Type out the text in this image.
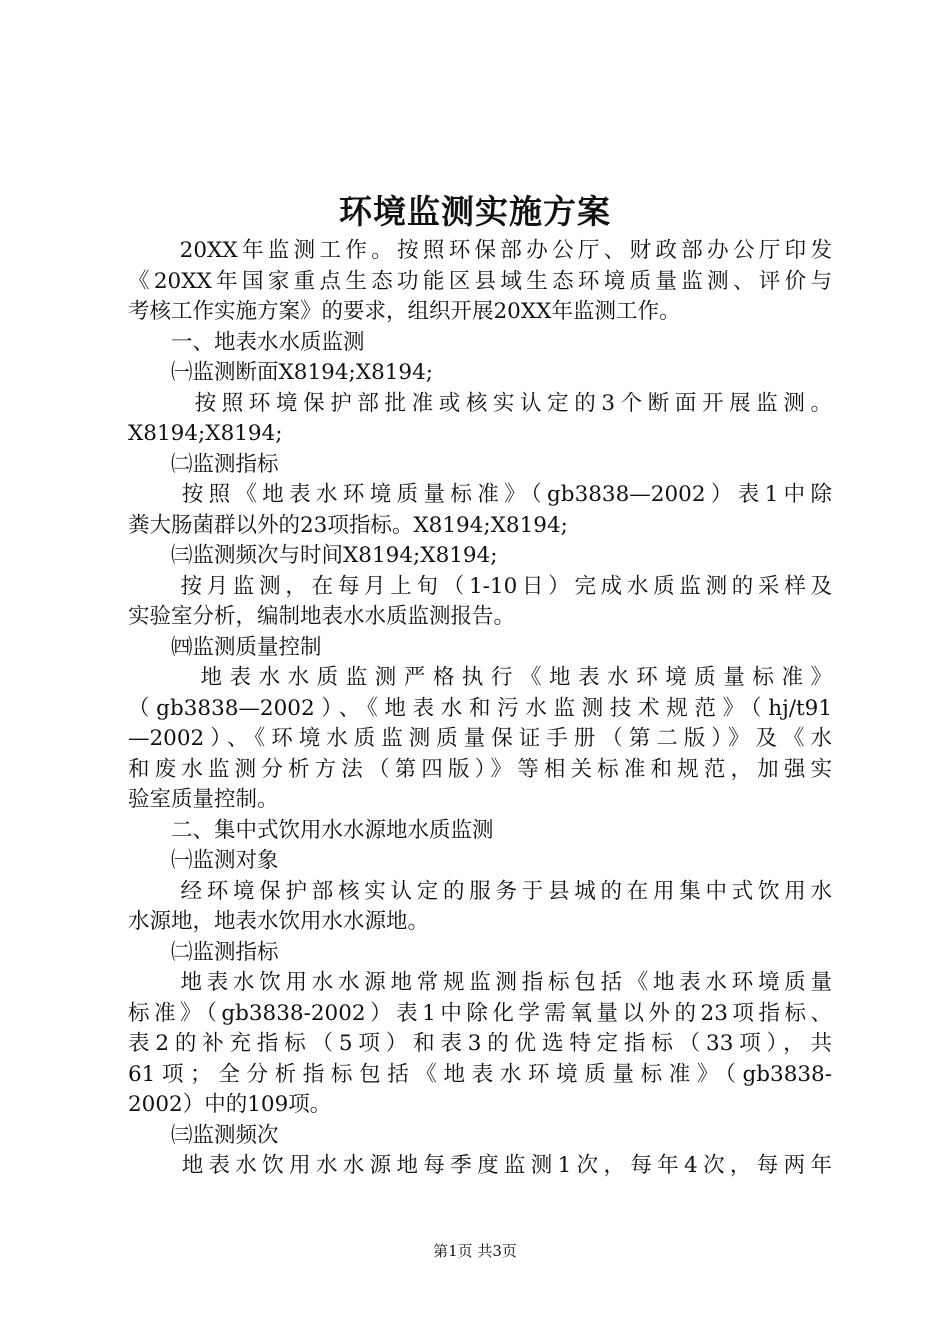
环境监测实施方案
　　20XX年监测工作。按照环保部办公厅、财政部办公厅印发
《20XX年国家重点生态功能区县域生态环境质量监测、评价与
考核工作实施方案》的要求，组织开展20XX年监测工作。
　　一、地表水水质监测
　　㈠监测断面X8194;X8194;
　　 按照环境保护部批准或核实认定的3个断面开展监测。
X8194;X8194;
　　㈡监测指标
　　按照《地表水环境质量标准》（gb3838—2002）表1中除
粪大肠菌群以外的23项指标。X8194;X8194;
　　㈢监测频次与时间X8194;X8194;
　　按月监测，在每月上旬（1-10日）完成水质监测的采样及
实验室分析，编制地表水水质监测报告。
　　㈣监测质量控制
　　 地表水水质监测严格执行《地表水环境质量标准》
（gb3838—2002）、《地表水和污水监测技术规范》（hj/t91
—2002）、《环境水质监测质量保证手册（第二版）》及《水
和废水监测分析方法（第四版）》等相关标准和规范，加强实
验室质量控制。
　　二、集中式饮用水水源地水质监测
　　㈠监测对象
　　经环境保护部核实认定的服务于县城的在用集中式饮用水
水源地，地表水饮用水水源地。
　　㈡监测指标
　　地表水饮用水水源地常规监测指标包括《地表水环境质量
标准》（gb3838-2002）表1中除化学需氧量以外的23项指标、
表2的补充指标（5项）和表3的优选特定指标（33项），共
61项；全分析指标包括《地表水环境质量标准》（gb3838-
2002）中的109项。
　　㈢监测频次
　　地表水饮用水水源地每季度监测1次，每年4次，每两年
第1页 共3页
